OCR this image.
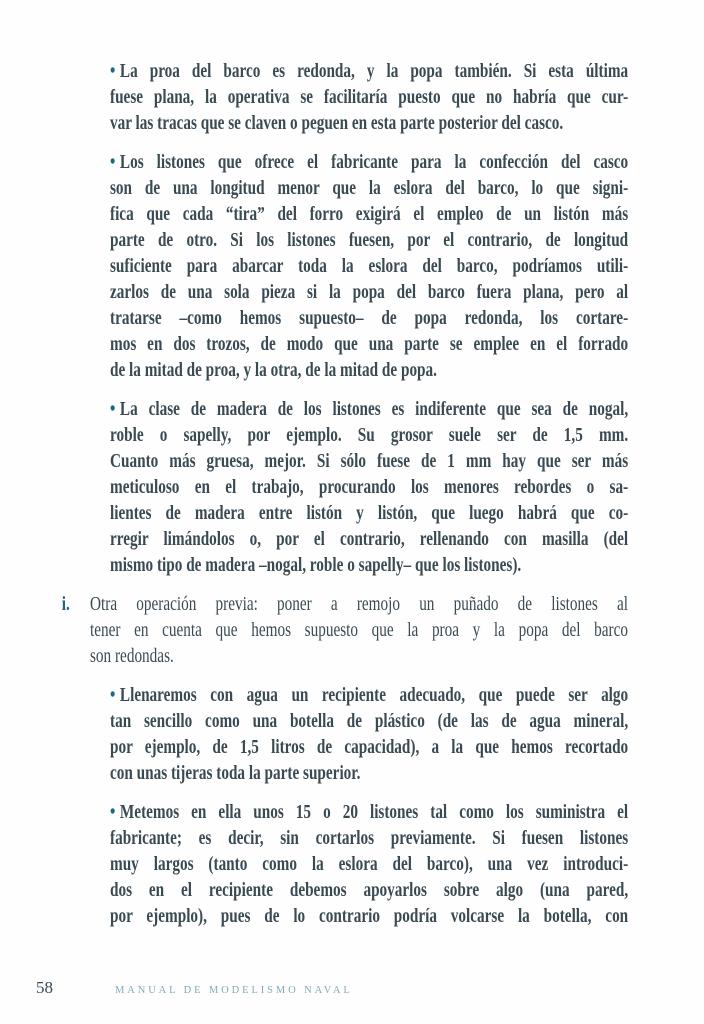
• La proa del barco es redonda, y la popa también. Si esta última
fuese plana, la operativa se facilitaría puesto que no habría que cur-
var las tracas que se claven o peguen en esta parte posterior del casco.
• Los listones que ofrece el fabricante para la confección del casco
son de una longitud menor que la eslora del barco, lo que signi-
fica que cada “tira” del forro exigirá el empleo de un listón más
parte de otro. Si los listones fuesen, por el contrario, de longitud
suficiente para abarcar toda la eslora del barco, podríamos utili-
zarlos de una sola pieza si la popa del barco fuera plana, pero al
tratarse –como hemos supuesto– de popa redonda, los cortare-
mos en dos trozos, de modo que una parte se emplee en el forrado
de la mitad de proa, y la otra, de la mitad de popa.
• La clase de madera de los listones es indiferente que sea de nogal,
roble o sapelly, por ejemplo. Su grosor suele ser de 1,5 mm.
Cuanto más gruesa, mejor. Si sólo fuese de 1 mm hay que ser más
meticuloso en el trabajo, procurando los menores rebordes o sa-
lientes de madera entre listón y listón, que luego habrá que co-
rregir limándolos o, por el contrario, rellenando con masilla (del
mismo tipo de madera –nogal, roble o sapelly– que los listones).
i. Otra operación previa: poner a remojo un puñado de listones al
tener en cuenta que hemos supuesto que la proa y la popa del barco
son redondas.
• Llenaremos con agua un recipiente adecuado, que puede ser algo
tan sencillo como una botella de plástico (de las de agua mineral,
por ejemplo, de 1,5 litros de capacidad), a la que hemos recortado
con unas tijeras toda la parte superior.
• Metemos en ella unos 15 o 20 listones tal como los suministra el
fabricante; es decir, sin cortarlos previamente. Si fuesen listones
muy largos (tanto como la eslora del barco), una vez introduci-
dos en el recipiente debemos apoyarlos sobre algo (una pared,
por ejemplo), pues de lo contrario podría volcarse la botella, con
58	MANUAL DE MODELISMO NAVAL
